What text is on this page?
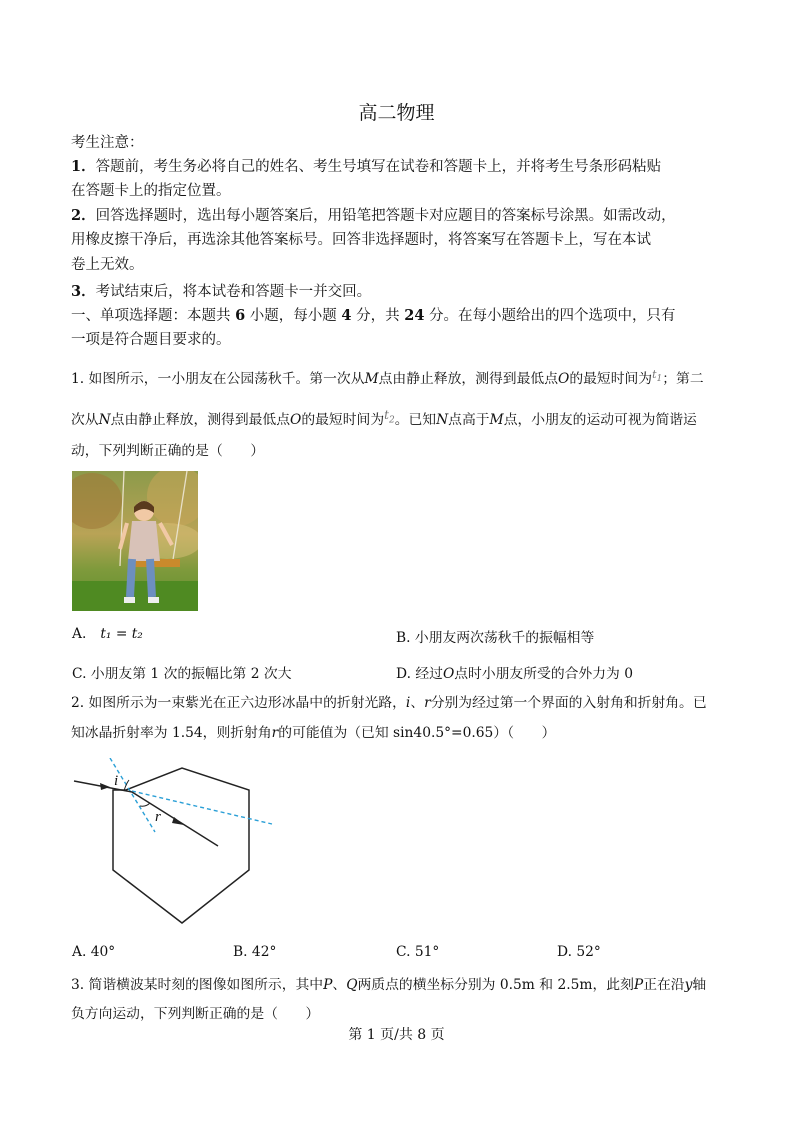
高二物理
考生注意：
1．答题前，考生务必将自己的姓名、考生号填写在试卷和答题卡上，并将考生号条形码粘贴
在答题卡上的指定位置。
2．回答选择题时，选出每小题答案后，用铅笔把答题卡对应题目的答案标号涂黑。如需改动，
用橡皮擦干净后，再选涂其他答案标号。回答非选择题时，将答案写在答题卡上，写在本试
卷上无效。
3．考试结束后，将本试卷和答题卡一并交回。
一、单项选择题：本题共 6 小题，每小题 4 分，共 24 分。在每小题给出的四个选项中，只有
一项是符合题目要求的。
1. 如图所示，一小朋友在公园荡秋千。第一次从M点由静止释放，测得到最低点O的最短时间为$^{t_1}$；第二
次从N点由静止释放，测得到最低点O的最短时间为$t_2$。已知N点高于M点，小朋友的运动可视为简谐运
动，下列判断正确的是（　　）
A. t₁ = t₂	B. 小朋友两次荡秋千的振幅相等
C. 小朋友第 1 次的振幅比第 2 次大	D. 经过O点时小朋友所受的合外力为 0
2. 如图所示为一束紫光在正六边形冰晶中的折射光路，i、r分别为经过第一个界面的入射角和折射角。已
知冰晶折射率为 1.54，则折射角r的可能值为（已知 sin40.5°=0.65）（　　）
i
r
A. 40°	B. 42°	C. 51°	D. 52°
3. 简谐横波某时刻的图像如图所示，其中P、Q两质点的横坐标分别为 0.5m 和 2.5m，此刻P正在沿y轴
负方向运动，下列判断正确的是（　　）
第 1 页/共 8 页
